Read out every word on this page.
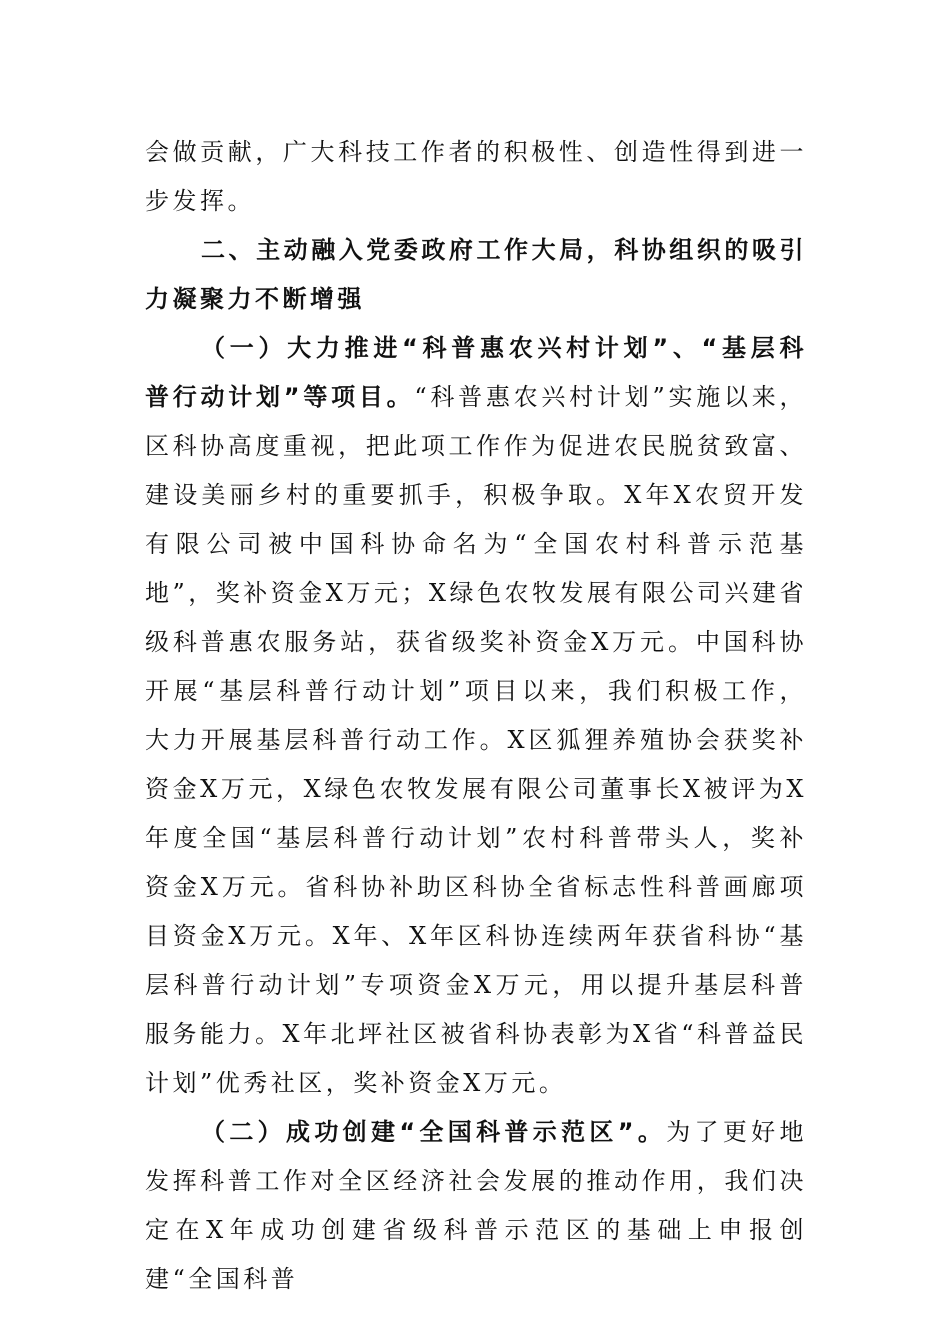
会做贡献，广大科技工作者的积极性、创造性得到进一步发挥。

二、主动融入党委政府工作大局，科协组织的吸引力凝聚力不断增强

（一）大力推进“科普惠农兴村计划”、“基层科普行动计划”等项目。“科普惠农兴村计划”实施以来，区科协高度重视，把此项工作作为促进农民脱贫致富、建设美丽乡村的重要抓手，积极争取。X年X农贸开发有限公司被中国科协命名为“全国农村科普示范基地”，奖补资金X万元；X绿色农牧发展有限公司兴建省级科普惠农服务站，获省级奖补资金X万元。中国科协开展“基层科普行动计划”项目以来，我们积极工作，大力开展基层科普行动工作。X区狐狸养殖协会获奖补资金X万元，X绿色农牧发展有限公司董事长X被评为X年度全国“基层科普行动计划”农村科普带头人，奖补资金X万元。省科协补助区科协全省标志性科普画廊项目资金X万元。X年、X年区科协连续两年获省科协“基层科普行动计划”专项资金X万元，用以提升基层科普服务能力。X年北坪社区被省科协表彰为X省“科普益民计划”优秀社区，奖补资金X万元。

（二）成功创建“全国科普示范区”。为了更好地发挥科普工作对全区经济社会发展的推动作用，我们决定在X年成功创建省级科普示范区的基础上申报创建“全国科普
